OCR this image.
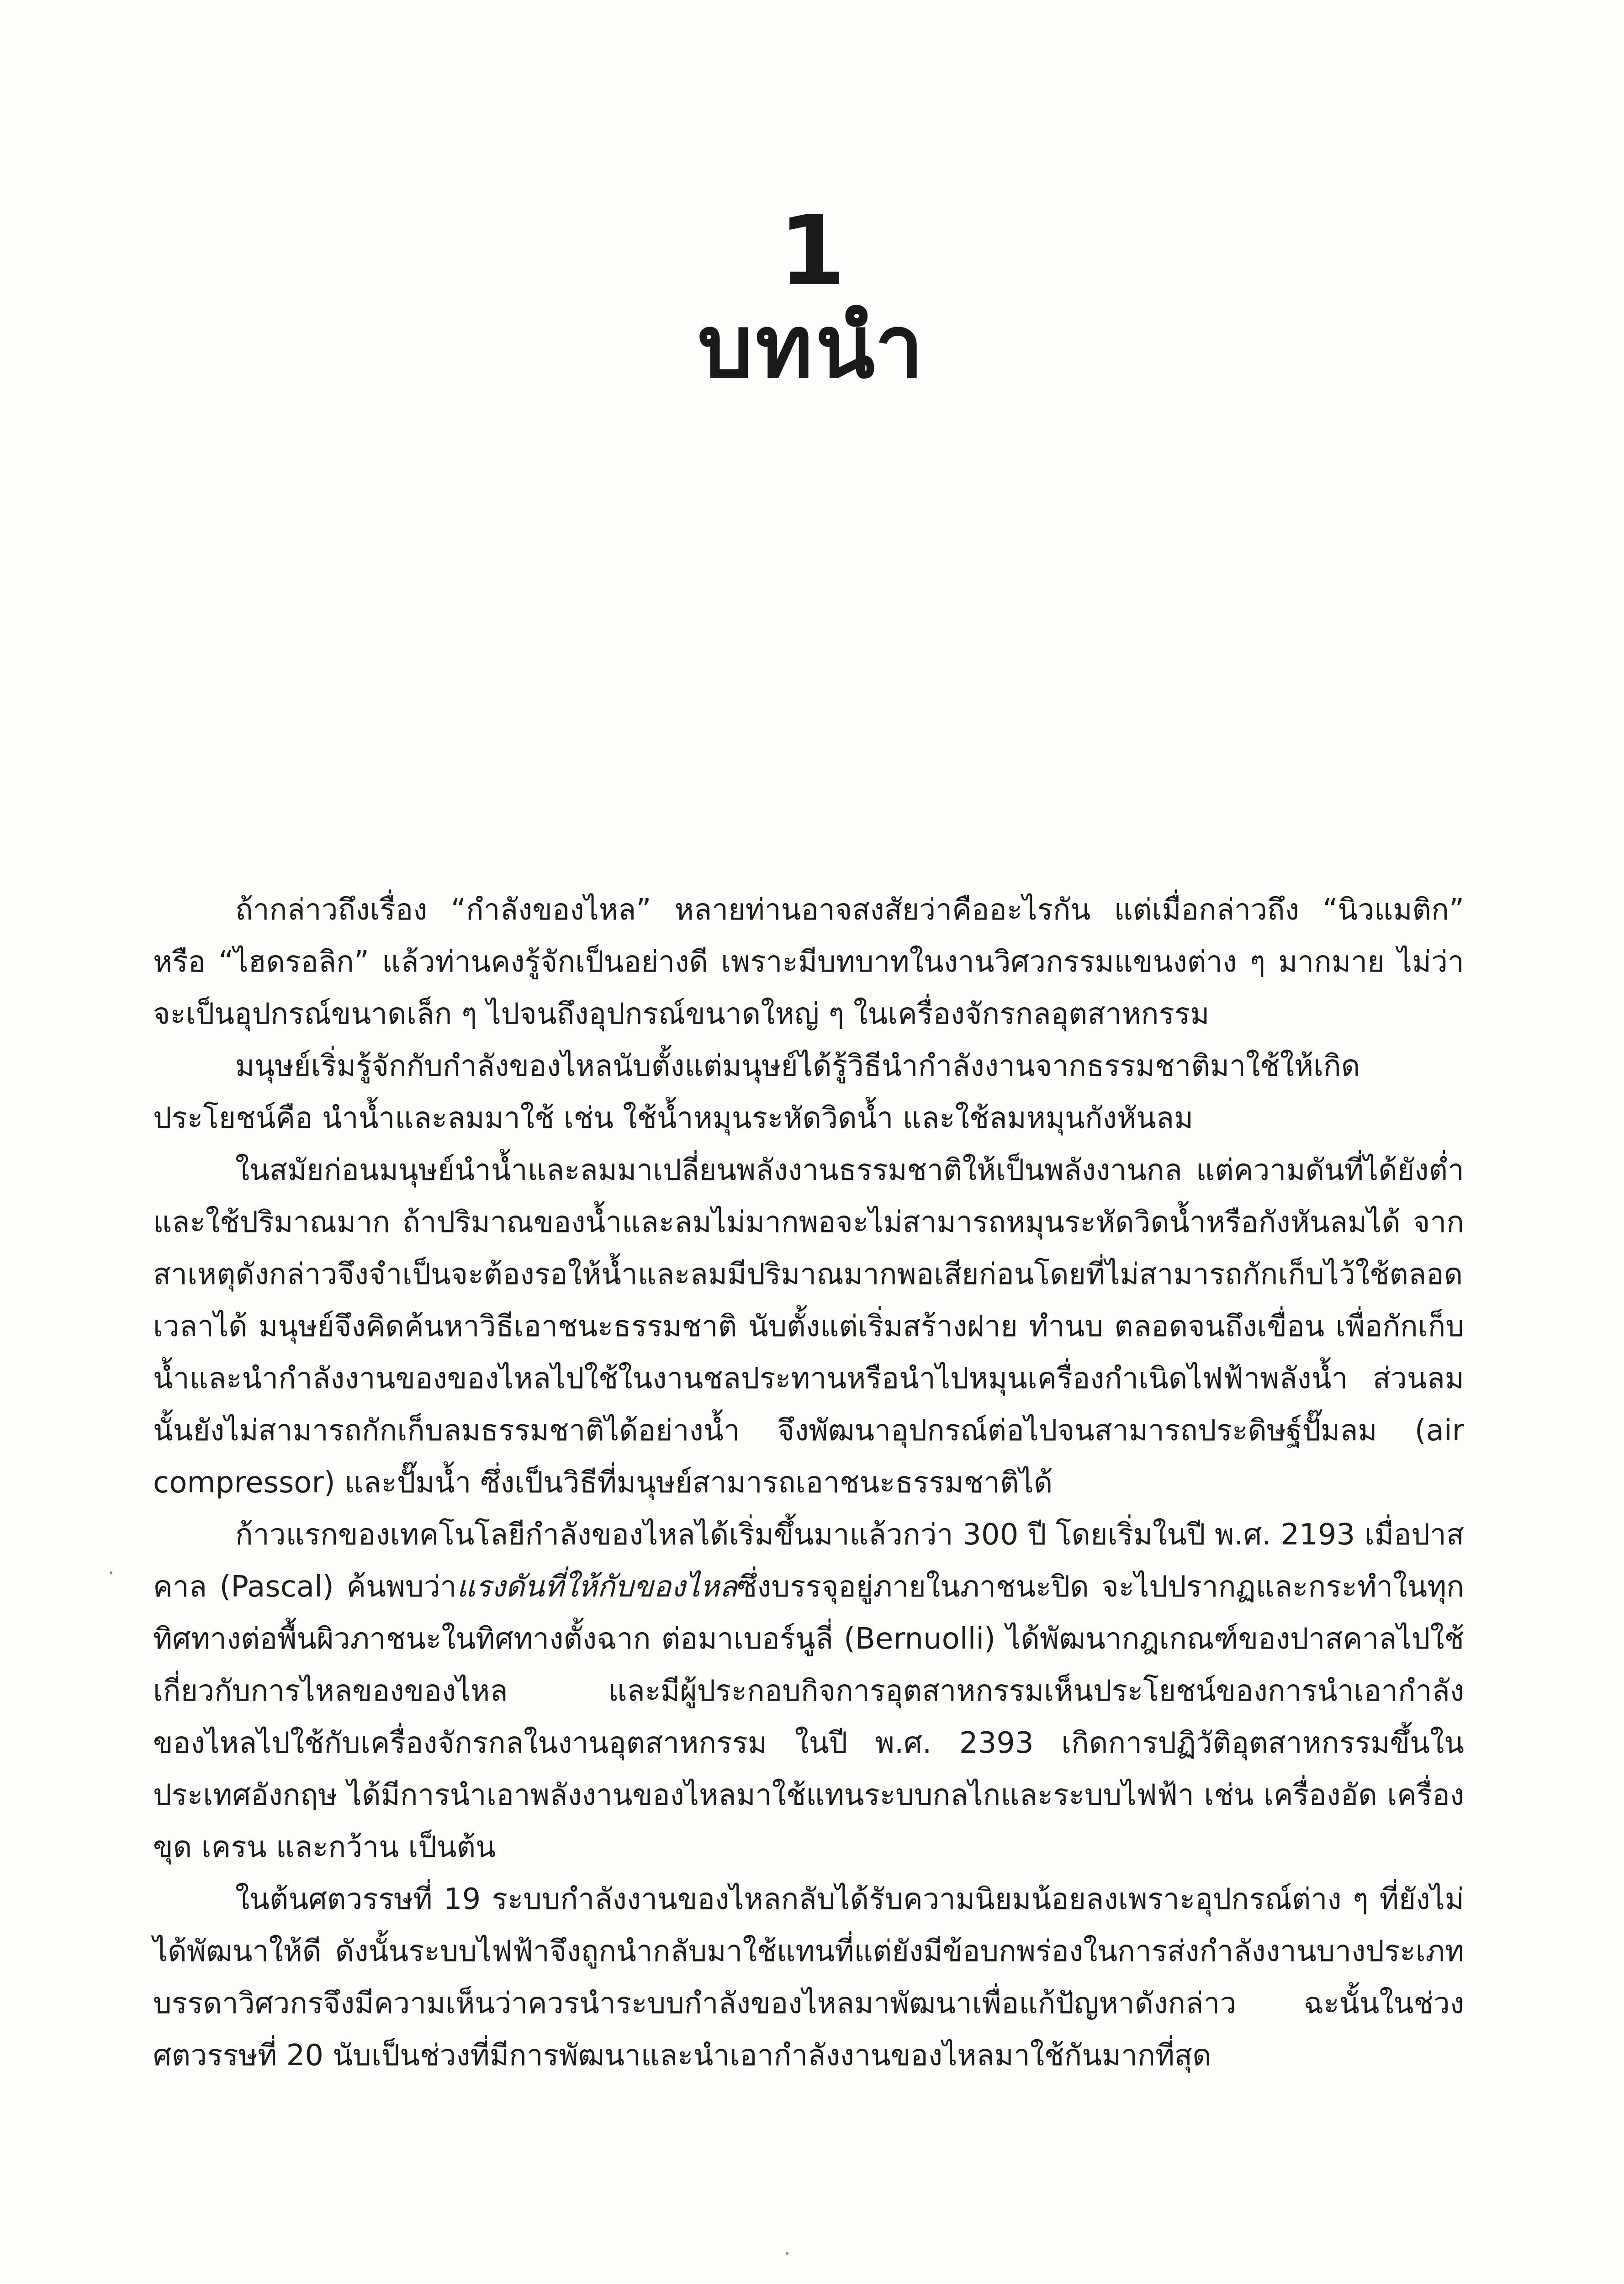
1
บทนำ

ถ้ากล่าวถึงเรื่อง “กำลังของไหล” หลายท่านอาจสงสัยว่าคืออะไรกัน แต่เมื่อกล่าวถึง “นิวแมติก” หรือ “ไฮดรอลิก” แล้วท่านคงรู้จักเป็นอย่างดี เพราะมีบทบาทในงานวิศวกรรมแขนงต่าง ๆ มากมาย ไม่ว่าจะเป็นอุปกรณ์ขนาดเล็ก ๆ ไปจนถึงอุปกรณ์ขนาดใหญ่ ๆ ในเครื่องจักรกลอุตสาหกรรม

มนุษย์เริ่มรู้จักกับกำลังของไหลนับตั้งแต่มนุษย์ได้รู้วิธีนำกำลังงานจากธรรมชาติมาใช้ให้เกิดประโยชน์คือ นำน้ำและลมมาใช้ เช่น ใช้น้ำหมุนระหัดวิดน้ำ และใช้ลมหมุนกังหันลม

ในสมัยก่อนมนุษย์นำน้ำและลมมาเปลี่ยนพลังงานธรรมชาติให้เป็นพลังงานกล แต่ความดันที่ได้ยังต่ำและใช้ปริมาณมาก ถ้าปริมาณของน้ำและลมไม่มากพอจะไม่สามารถหมุนระหัดวิดน้ำหรือกังหันลมได้ จากสาเหตุดังกล่าวจึงจำเป็นจะต้องรอให้น้ำและลมมีปริมาณมากพอเสียก่อนโดยที่ไม่สามารถกักเก็บไว้ใช้ตลอดเวลาได้ มนุษย์จึงคิดค้นหาวิธีเอาชนะธรรมชาติ นับตั้งแต่เริ่มสร้างฝาย ทำนบ ตลอดจนถึงเขื่อน เพื่อกักเก็บน้ำและนำกำลังงานของของไหลไปใช้ในงานชลประทานหรือนำไปหมุนเครื่องกำเนิดไฟฟ้าพลังน้ำ ส่วนลมนั้นยังไม่สามารถกักเก็บลมธรรมชาติได้อย่างน้ำ จึงพัฒนาอุปกรณ์ต่อไปจนสามารถประดิษฐ์ปั๊มลม (air compressor) และปั๊มน้ำ ซึ่งเป็นวิธีที่มนุษย์สามารถเอาชนะธรรมชาติได้

ก้าวแรกของเทคโนโลยีกำลังของไหลได้เริ่มขึ้นมาแล้วกว่า 300 ปี โดยเริ่มในปี พ.ศ. 2193 เมื่อปาสคาล (Pascal) ค้นพบว่าแรงดันที่ให้กับของไหลซึ่งบรรจุอยู่ภายในภาชนะปิด จะไปปรากฏและกระทำในทุกทิศทางต่อพื้นผิวภาชนะในทิศทางตั้งฉาก ต่อมาเบอร์นูลี่ (Bernuolli) ได้พัฒนากฎเกณฑ์ของปาสคาลไปใช้เกี่ยวกับการไหลของของไหล และมีผู้ประกอบกิจการอุตสาหกรรมเห็นประโยชน์ของการนำเอากำลังของไหลไปใช้กับเครื่องจักรกลในงานอุตสาหกรรม ในปี พ.ศ. 2393 เกิดการปฏิวัติอุตสาหกรรมขึ้นในประเทศอังกฤษ ได้มีการนำเอาพลังงานของไหลมาใช้แทนระบบกลไกและระบบไฟฟ้า เช่น เครื่องอัด เครื่องขุด เครน และกว้าน เป็นต้น

ในต้นศตวรรษที่ 19 ระบบกำลังงานของไหลกลับได้รับความนิยมน้อยลงเพราะอุปกรณ์ต่าง ๆ ที่ยังไม่ได้พัฒนาให้ดี ดังนั้นระบบไฟฟ้าจึงถูกนำกลับมาใช้แทนที่แต่ยังมีข้อบกพร่องในการส่งกำลังงานบางประเภท บรรดาวิศวกรจึงมีความเห็นว่าควรนำระบบกำลังของไหลมาพัฒนาเพื่อแก้ปัญหาดังกล่าว ฉะนั้นในช่วงศตวรรษที่ 20 นับเป็นช่วงที่มีการพัฒนาและนำเอากำลังงานของไหลมาใช้กันมากที่สุด
